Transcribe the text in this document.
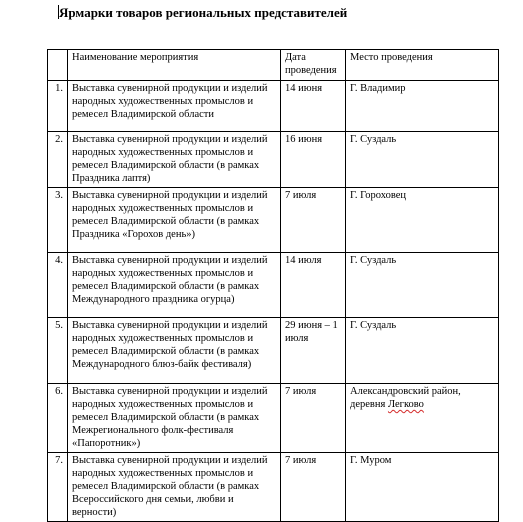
Ярмарки товаров региональных представителей
	Наименование мероприятия	Дата проведения	Место проведения
1.	Выставка сувенирной продукции и изделий народных художественных промыслов и ремесел Владимирской области	14 июня	Г. Владимир
2.	Выставка сувенирной продукции и изделий народных художественных промыслов и ремесел Владимирской области (в рамках Праздника лаптя)	16 июня	Г. Суздаль
3.	Выставка сувенирной продукции и изделий народных художественных промыслов и ремесел Владимирской области (в рамках Праздника «Горохов день»)	7 июля	Г. Гороховец
4.	Выставка сувенирной продукции и изделий народных художественных промыслов и ремесел Владимирской области (в рамках Международного праздника огурца)	14 июля	Г. Суздаль
5.	Выставка сувенирной продукции и изделий народных художественных промыслов и ремесел Владимирской области (в рамках Международного блюз-байк фестиваля)	29 июня – 1 июля	Г. Суздаль
6.	Выставка сувенирной продукции и изделий народных художественных промыслов и ремесел Владимирской области (в рамках Межрегионального фолк-фестиваля «Папоротник»)	7 июля	Александровский район, деревня Легково
7.	Выставка сувенирной продукции и изделий народных художественных промыслов и ремесел Владимирской области (в рамках Всероссийского дня семьи, любви и верности)	7 июля	Г. Муром
